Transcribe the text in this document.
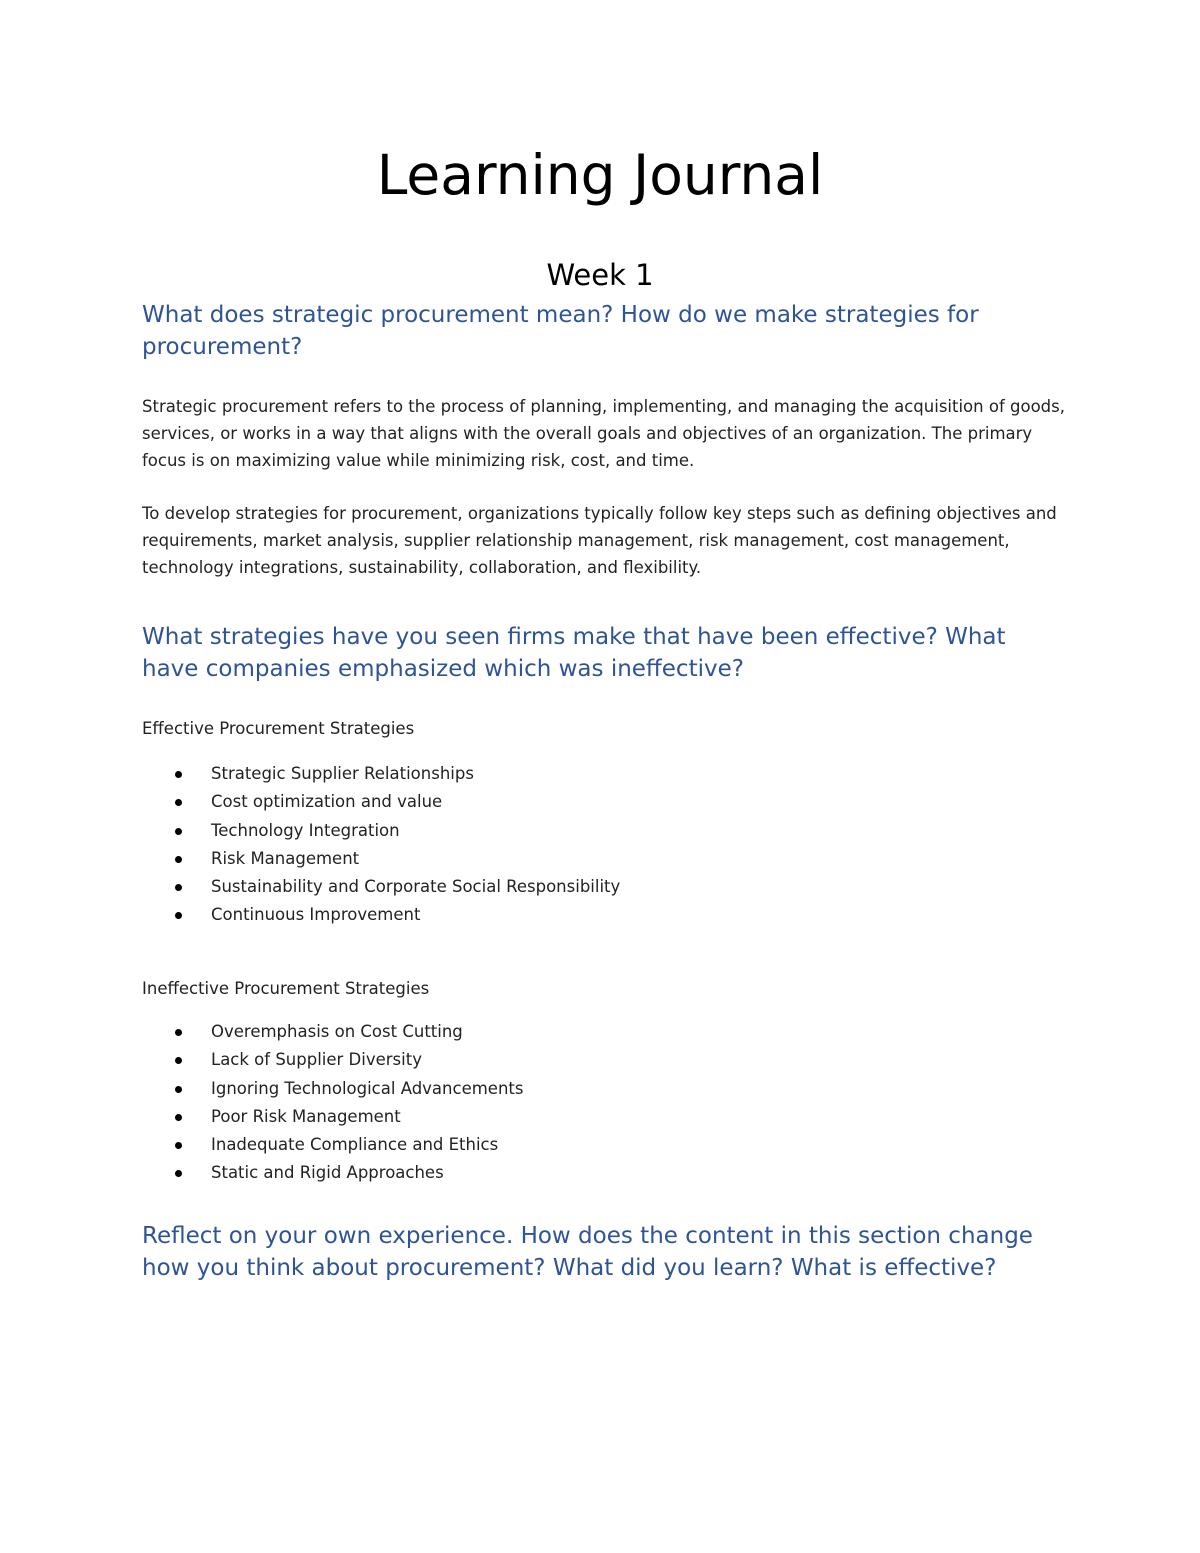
Learning Journal
Week 1
What does strategic procurement mean? How do we make strategies for procurement?

Strategic procurement refers to the process of planning, implementing, and managing the acquisition of goods, services, or works in a way that aligns with the overall goals and objectives of an organization. The primary focus is on maximizing value while minimizing risk, cost, and time.

To develop strategies for procurement, organizations typically follow key steps such as defining objectives and requirements, market analysis, supplier relationship management, risk management, cost management, technology integrations, sustainability, collaboration, and flexibility.

What strategies have you seen firms make that have been effective? What have companies emphasized which was ineffective?
Effective Procurement Strategies
Strategic Supplier Relationships
Cost optimization and value
Technology Integration
Risk Management
Sustainability and Corporate Social Responsibility
Continuous Improvement
Ineffective Procurement Strategies
Overemphasis on Cost Cutting
Lack of Supplier Diversity
Ignoring Technological Advancements
Poor Risk Management
Inadequate Compliance and Ethics
Static and Rigid Approaches
Reflect on your own experience. How does the content in this section change how you think about procurement? What did you learn? What is effective?
